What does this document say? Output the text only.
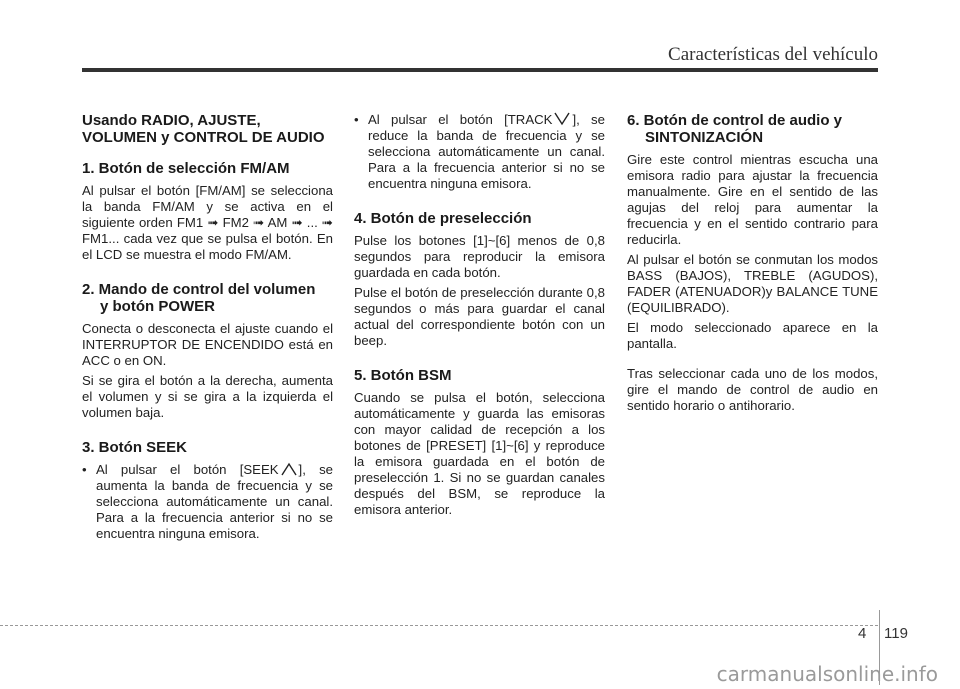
Características del vehículo
Usando RADIO, AJUSTE,
VOLUMEN y CONTROL DE AUDIO
1. Botón de selección FM/AM

Al pulsar el botón [FM/AM] se selecciona la banda FM/AM y se activa en el siguiente orden FM1 ➟ FM2 ➟ AM ➟ ... ➟ FM1... cada vez que se pulsa el botón. En el LCD se muestra el modo FM/AM.

2. Mando de control del volumen
y botón POWER

Conecta o desconecta el ajuste cuando el INTERRUPTOR DE ENCENDIDO está en ACC o en ON.

Si se gira el botón a la derecha, aumenta el volumen y si se gira a la izquierda el volumen baja.

3. Botón SEEK

• Al pulsar el botón [SEEK ], se aumenta la banda de frecuencia y se selecciona automáticamente un canal. Para a la frecuencia anterior si no se encuentra ninguna emisora.

• Al pulsar el botón [TRACK ], se reduce la banda de frecuencia y se selecciona automáticamente un canal. Para a la frecuencia anterior si no se encuentra ninguna emisora.

4. Botón de preselección

Pulse los botones [1]~[6] menos de 0,8 segundos para reproducir la emisora guardada en cada botón.

Pulse el botón de preselección durante 0,8 segundos o más para guardar el canal actual del correspondiente botón con un beep.

5. Botón BSM

Cuando se pulsa el botón, selecciona automáticamente y guarda las emisoras con mayor calidad de recepción a los botones de [PRESET] [1]~[6] y reproduce la emisora guardada en el botón de preselección 1. Si no se guardan canales después del BSM, se reproduce la emisora anterior.

6. Botón de control de audio y
SINTONIZACIÓN

Gire este control mientras escucha una emisora radio para ajustar la frecuencia manualmente. Gire en el sentido de las agujas del reloj para aumentar la frecuencia y en el sentido contrario para reducirla.

Al pulsar el botón se conmutan los modos BASS (BAJOS), TREBLE (AGUDOS), FADER (ATENUADOR)y BALANCE TUNE (EQUILIBRADO).

El modo seleccionado aparece en la pantalla.

Tras seleccionar cada uno de los modos, gire el mando de control de audio en sentido horario o antihorario.

4 119
carmanualsonline.info
